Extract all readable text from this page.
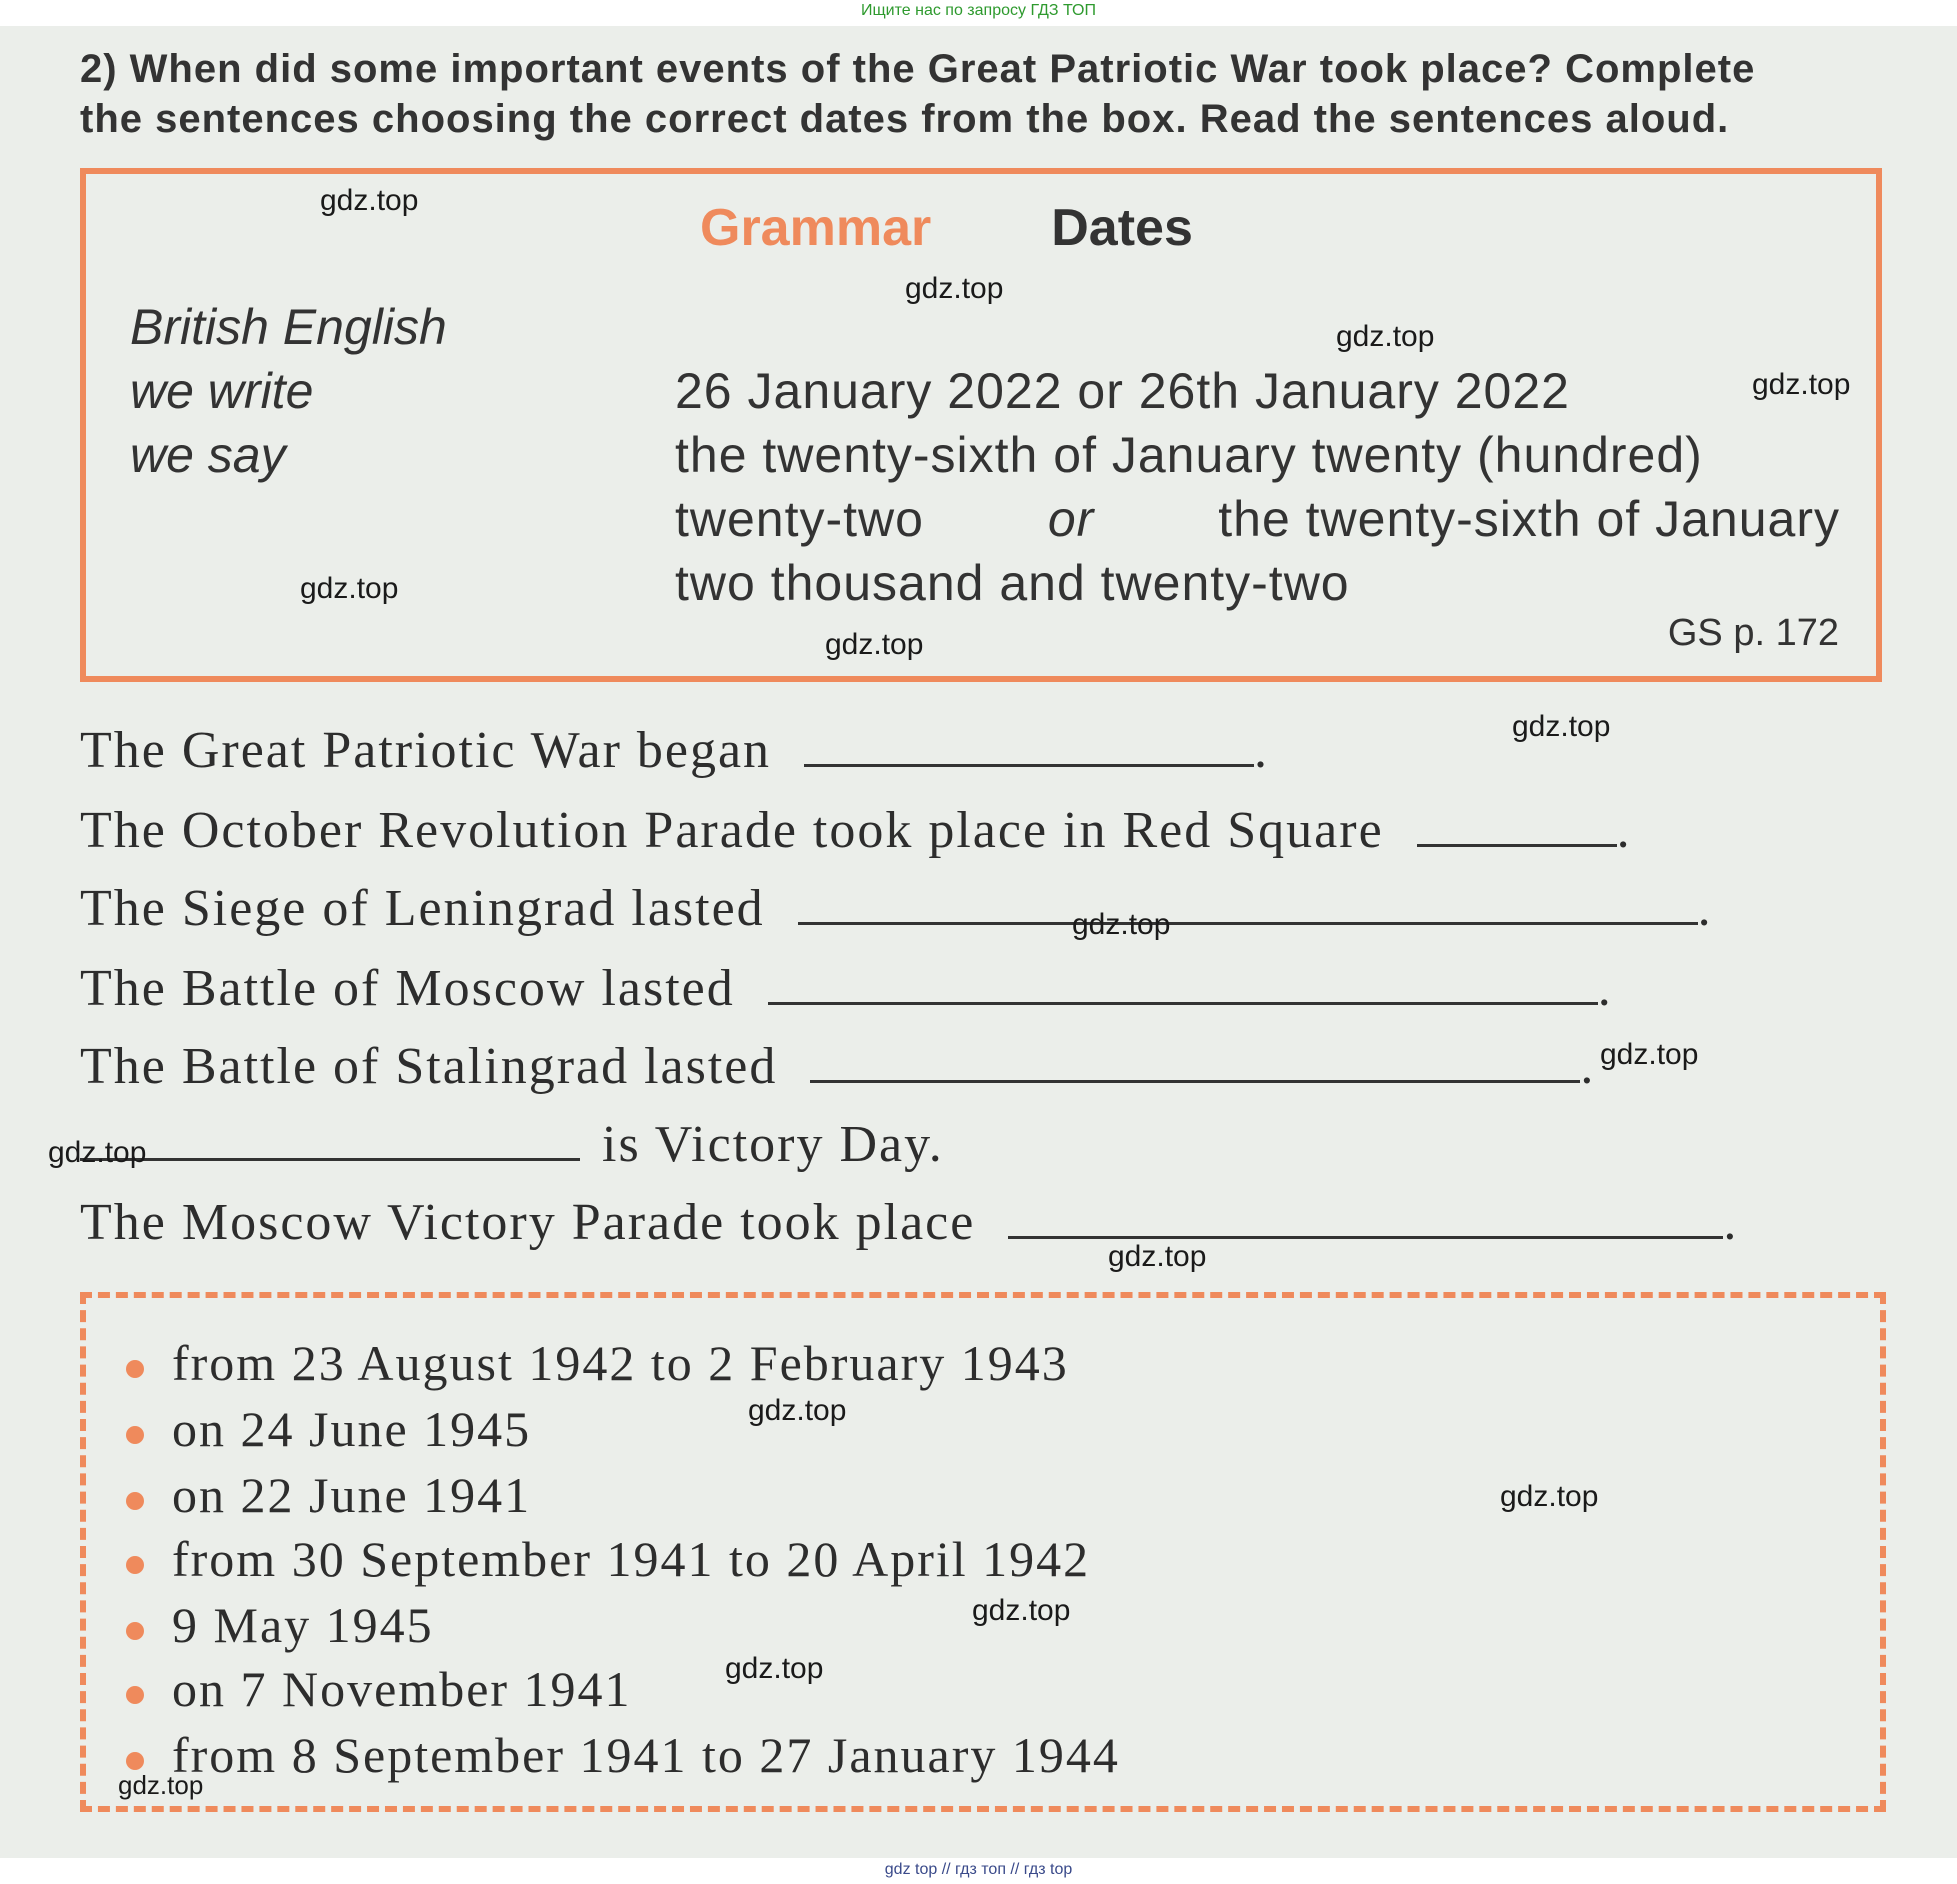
Ищите нас по запросу ГДЗ ТОП
2) When did some important events of the Great Patriotic War took place? Complete
the sentences choosing the correct dates from the box. Read the sentences aloud.
Grammar Dates
British English
we write
we say
26 January 2022 or 26th January 2022
the twenty-sixth of January twenty (hundred)
twenty-two or the twenty-sixth of January
two thousand and twenty-two
GS p. 172
The Great Patriotic War began	.
The October Revolution Parade took place in Red Square	.
The Siege of Leningrad lasted	.
The Battle of Moscow lasted	.
The Battle of Stalingrad lasted	.
is Victory Day.
The Moscow Victory Parade took place	.
from 23 August 1942 to 2 February 1943
on 24 June 1945
on 22 June 1941
from 30 September 1941 to 20 April 1942
9 May 1945
on 7 November 1941
from 8 September 1941 to 27 January 1944
gdz.top
gdz.top
gdz.top
gdz.top
gdz.top
gdz.top
gdz.top
gdz.top
gdz.top
gdz.top
gdz.top
gdz.top
gdz.top
gdz.top
gdz.top
gdz.top
gdz top // гдз топ // гдз top
